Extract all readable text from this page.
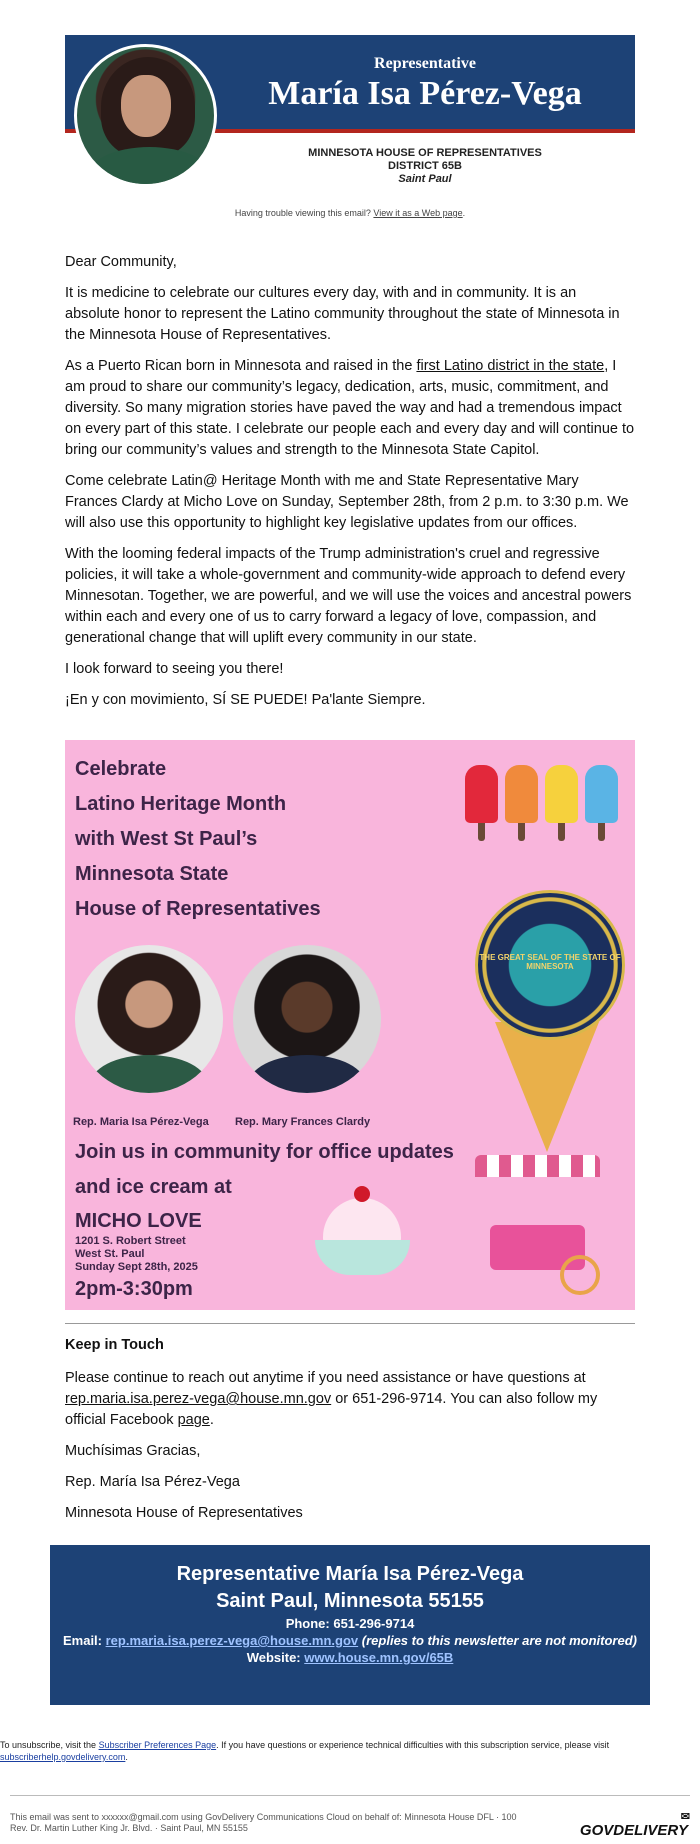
Representative
María Isa Pérez-Vega
MINNESOTA HOUSE OF REPRESENTATIVES
DISTRICT 65B
Saint Paul
Having trouble viewing this email? View it as a Web page.

Dear Community,

It is medicine to celebrate our cultures every day, with and in community. It is an absolute honor to represent the Latino community throughout the state of Minnesota in the Minnesota House of Representatives.

As a Puerto Rican born in Minnesota and raised in the first Latino district in the state, I am proud to share our community’s legacy, dedication, arts, music, commitment, and diversity. So many migration stories have paved the way and had a tremendous impact on every part of this state. I celebrate our people each and every day and will continue to bring our community’s values and strength to the Minnesota State Capitol.

Come celebrate Latin@ Heritage Month with me and State Representative Mary Frances Clardy at Micho Love on Sunday, September 28th, from 2 p.m. to 3:30 p.m. We will also use this opportunity to highlight key legislative updates from our offices.

With the looming federal impacts of the Trump administration's cruel and regressive policies, it will take a whole-government and community-wide approach to defend every Minnesotan. Together, we are powerful, and we will use the voices and ancestral powers within each and every one of us to carry forward a legacy of love, compassion, and generational change that will uplift every community in our state.

I look forward to seeing you there!

¡En y con movimiento, SÍ SE PUEDE! Pa'lante Siempre.

Celebrate
Latino Heritage Month
with West St Paul’s
Minnesota State
House of Representatives
THE GREAT SEAL OF THE STATE OF MINNESOTA
Rep. Maria Isa Pérez-Vega Rep. Mary Frances Clardy
Join us in community for office updates
and ice cream at
MICHO LOVE
1201 S. Robert Street
West St. Paul
Sunday Sept 28th, 2025
2pm-3:30pm
Keep in Touch

Please continue to reach out anytime if you need assistance or have questions at rep.maria.isa.perez-vega@house.mn.gov or 651-296-9714. You can also follow my official Facebook page.

Muchísimas Gracias,

Rep. María Isa Pérez-Vega

Minnesota House of Representatives

Representative María Isa Pérez-Vega
Saint Paul, Minnesota 55155
Phone: 651-296-9714
Email: rep.maria.isa.perez-vega@house.mn.gov (replies to this newsletter are not monitored)
Website: www.house.mn.gov/65B
To unsubscribe, visit the Subscriber Preferences Page. If you have questions or experience technical difficulties with this subscription service, please visit subscriberhelp.govdelivery.com.
This email was sent to xxxxxx@gmail.com using GovDelivery Communications Cloud on behalf of: Minnesota House DFL · 100
Rev. Dr. Martin Luther King Jr. Blvd. · Saint Paul, MN 55155	GOVDELIVERY
✉
